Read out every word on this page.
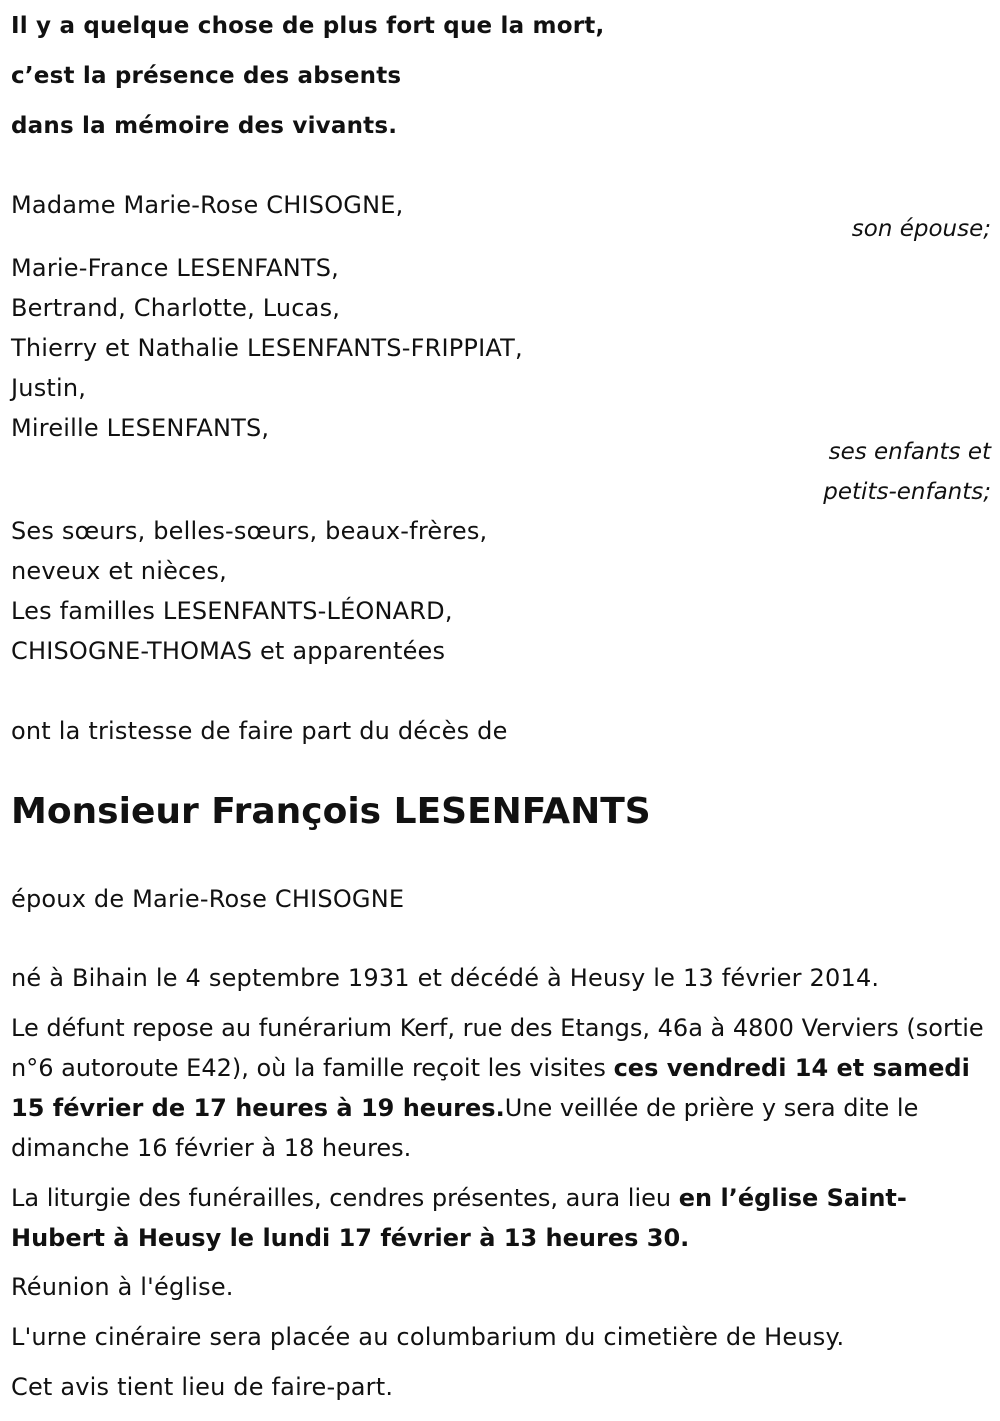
Il y a quelque chose de plus fort que la mort,
c’est la présence des absents
dans la mémoire des vivants.
Madame Marie-Rose CHISOGNE,
son épouse;
Marie-France LESENFANTS,
Bertrand, Charlotte, Lucas,
Thierry et Nathalie LESENFANTS-FRIPPIAT,
Justin,
Mireille LESENFANTS,
ses enfants et
petits-enfants;
Ses sœurs, belles-sœurs, beaux-frères,
neveux et nièces,
Les familles LESENFANTS-LÉONARD,
CHISOGNE-THOMAS et apparentées
ont la tristesse de faire part du décès de
Monsieur François LESENFANTS
époux de Marie-Rose CHISOGNE
né à Bihain le 4 septembre 1931 et décédé à Heusy le 13 février 2014.
Le défunt repose au funérarium Kerf, rue des Etangs, 46a à 4800 Verviers (sortie n°6 autoroute E42), où la famille reçoit les visites ces vendredi 14 et samedi 15 février de 17 heures à 19 heures.Une veillée de prière y sera dite le dimanche 16 février à 18 heures.
La liturgie des funérailles, cendres présentes, aura lieu en l’église Saint-Hubert à Heusy le lundi 17 février à 13 heures 30.
Réunion à l'église.
L'urne cinéraire sera placée au columbarium du cimetière de Heusy.
Cet avis tient lieu de faire-part.
